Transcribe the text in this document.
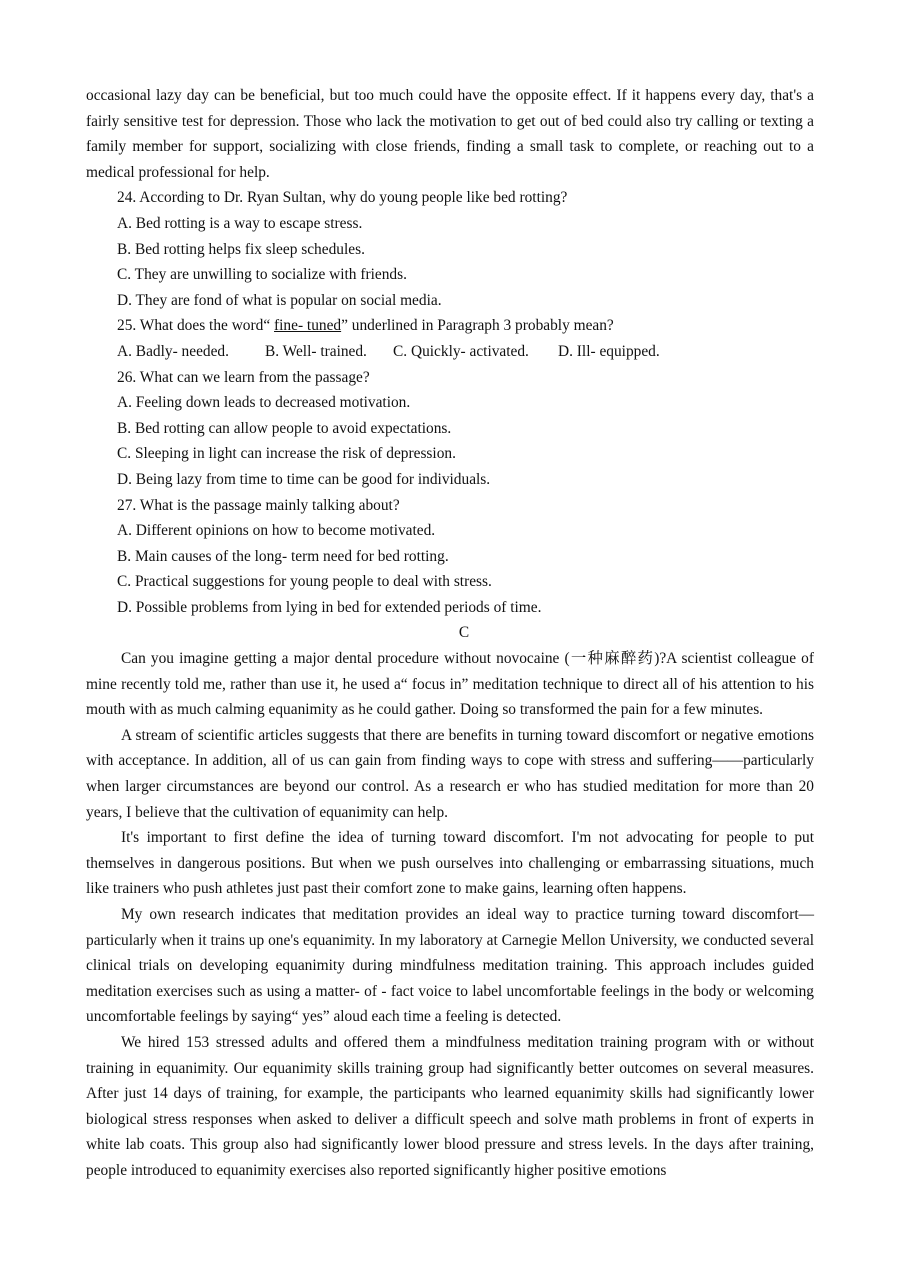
occasional lazy day can be beneficial, but too much could have the opposite effect. If it happens every day, that's a fairly sensitive test for depression. Those who lack the motivation to get out of bed could also try calling or texting a family member for support, socializing with close friends, finding a small task to complete, or reaching out to a medical professional for help.

24. According to Dr. Ryan Sultan, why do young people like bed rotting?

A. Bed rotting is a way to escape stress.

B. Bed rotting helps fix sleep schedules.

C. They are unwilling to socialize with friends.

D. They are fond of what is popular on social media.

25. What does the word“ fine- tuned” underlined in Paragraph 3 probably mean?

A. Badly- needed.	B. Well- trained.	C. Quickly- activated.	D. Ill- equipped.

26. What can we learn from the passage?

A. Feeling down leads to decreased motivation.

B. Bed rotting can allow people to avoid expectations.

C. Sleeping in light can increase the risk of depression.

D. Being lazy from time to time can be good for individuals.

27. What is the passage mainly talking about?

A. Different opinions on how to become motivated.

B. Main causes of the long- term need for bed rotting.

C. Practical suggestions for young people to deal with stress.

D. Possible problems from lying in bed for extended periods of time.

C

Can you imagine getting a major dental procedure without novocaine (一种麻醉药)?A scientist colleague of mine recently told me, rather than use it, he used a“ focus in” meditation technique to direct all of his attention to his mouth with as much calming equanimity as he could gather. Doing so transformed the pain for a few minutes.

A stream of scientific articles suggests that there are benefits in turning toward discomfort or negative emotions with acceptance. In addition, all of us can gain from finding ways to cope with stress and suffering——particularly when larger circumstances are beyond our control. As a research er who has studied meditation for more than 20 years, I believe that the cultivation of equanimity can help.

It's important to first define the idea of turning toward discomfort. I'm not advocating for people to put themselves in dangerous positions. But when we push ourselves into challenging or embarrassing situations, much like trainers who push athletes just past their comfort zone to make gains, learning often happens.

My own research indicates that meditation provides an ideal way to practice turning toward discomfort—particularly when it trains up one's equanimity. In my laboratory at Carnegie Mellon University, we conducted several clinical trials on developing equanimity during mindfulness meditation training. This approach includes guided meditation exercises such as using a matter- of - fact voice to label uncomfortable feelings in the body or welcoming uncomfortable feelings by saying“ yes” aloud each time a feeling is detected.

We hired 153 stressed adults and offered them a mindfulness meditation training program with or without training in equanimity. Our equanimity skills training group had significantly better outcomes on several measures. After just 14 days of training, for example, the participants who learned equanimity skills had significantly lower biological stress responses when asked to deliver a difficult speech and solve math problems in front of experts in white lab coats. This group also had significantly lower blood pressure and stress levels. In the days after training, people introduced to equanimity exercises also reported significantly higher positive emotions
